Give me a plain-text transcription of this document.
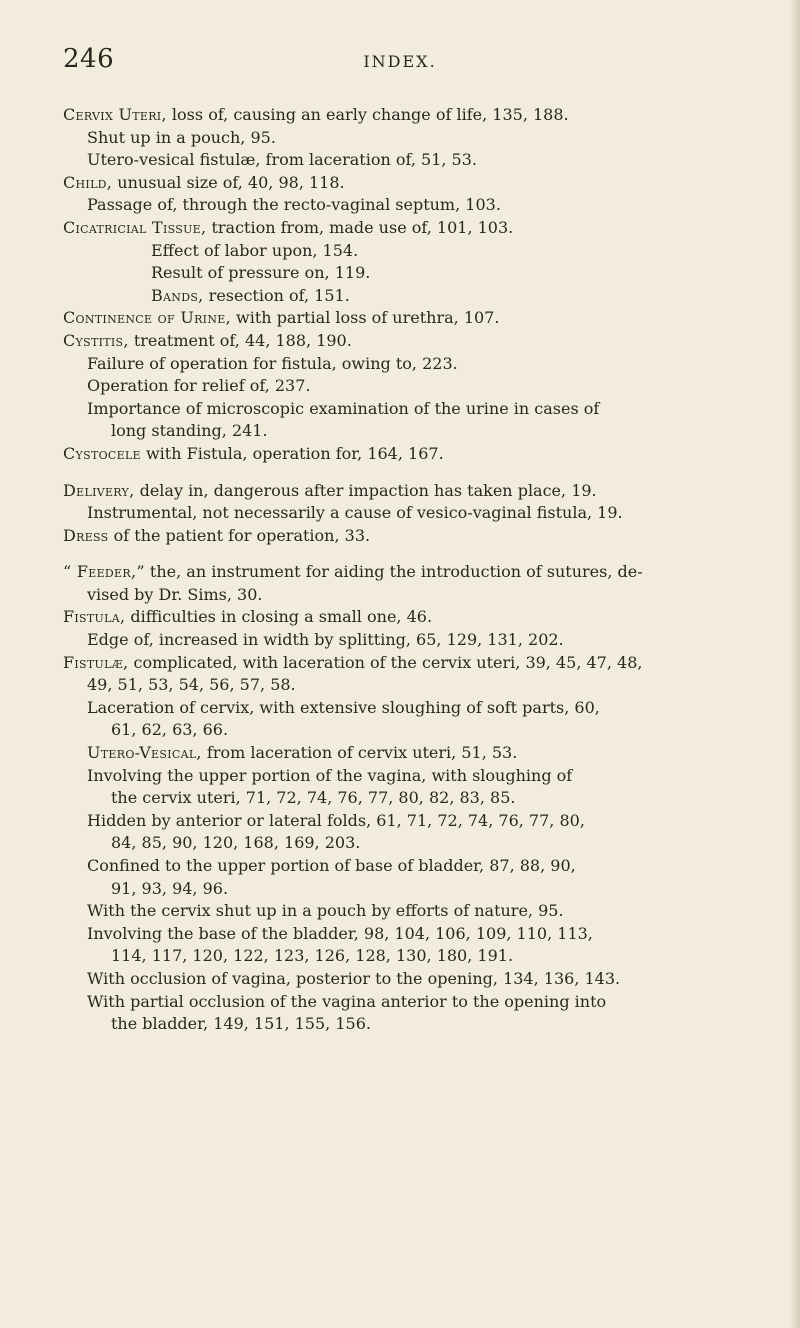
246	INDEX.
Cervix Uteri, loss of, causing an early change of life, 135, 188.
Shut up in a pouch, 95.
Utero-vesical fistulæ, from laceration of, 51, 53.
Child, unusual size of, 40, 98, 118.
Passage of, through the recto-vaginal septum, 103.
Cicatricial Tissue, traction from, made use of, 101, 103.
Effect of labor upon, 154.
Result of pressure on, 119.
Bands, resection of, 151.
Continence of Urine, with partial loss of urethra, 107.
Cystitis, treatment of, 44, 188, 190.
Failure of operation for fistula, owing to, 223.
Operation for relief of, 237.
Importance of microscopic examination of the urine in cases of
long standing, 241.
Cystocele with Fistula, operation for, 164, 167.
Delivery, delay in, dangerous after impaction has taken place, 19.
Instrumental, not necessarily a cause of vesico-vaginal fistula, 19.
Dress of the patient for operation, 33.
“ Feeder,” the, an instrument for aiding the introduction of sutures, de-
vised by Dr. Sims, 30.
Fistula, difficulties in closing a small one, 46.
Edge of, increased in width by splitting, 65, 129, 131, 202.
Fistulæ, complicated, with laceration of the cervix uteri, 39, 45, 47, 48,
49, 51, 53, 54, 56, 57, 58.
Laceration of cervix, with extensive sloughing of soft parts, 60,
61, 62, 63, 66.
Utero-Vesical, from laceration of cervix uteri, 51, 53.
Involving the upper portion of the vagina, with sloughing of
the cervix uteri, 71, 72, 74, 76, 77, 80, 82, 83, 85.
Hidden by anterior or lateral folds, 61, 71, 72, 74, 76, 77, 80,
84, 85, 90, 120, 168, 169, 203.
Confined to the upper portion of base of bladder, 87, 88, 90,
91, 93, 94, 96.
With the cervix shut up in a pouch by efforts of nature, 95.
Involving the base of the bladder, 98, 104, 106, 109, 110, 113,
114, 117, 120, 122, 123, 126, 128, 130, 180, 191.
With occlusion of vagina, posterior to the opening, 134, 136, 143.
With partial occlusion of the vagina anterior to the opening into
the bladder, 149, 151, 155, 156.
